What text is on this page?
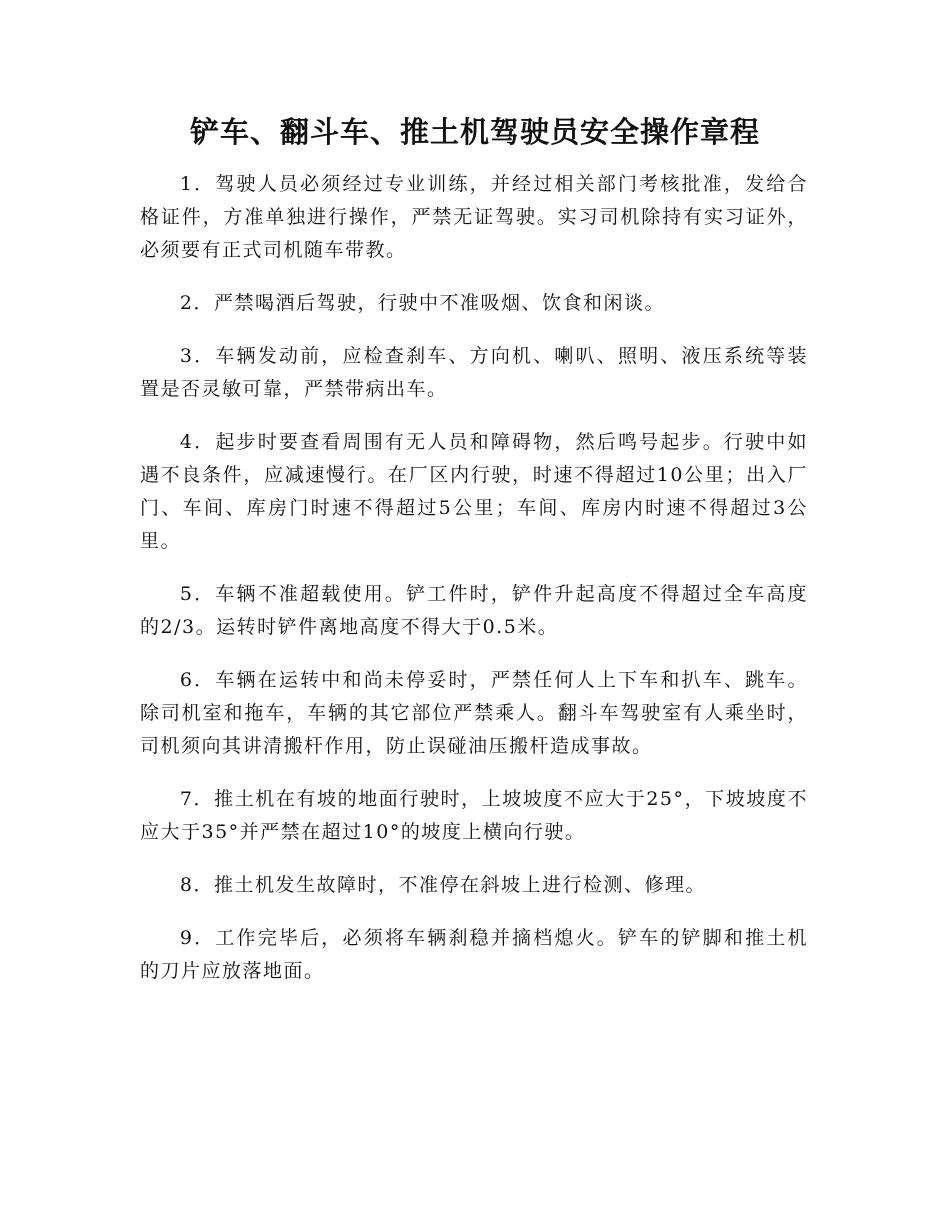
铲车、翻斗车、推土机驾驶员安全操作章程

1．驾驶人员必须经过专业训练，并经过相关部门考核批准，发给合格证件，方准单独进行操作，严禁无证驾驶。实习司机除持有实习证外，必须要有正式司机随车带教。

2．严禁喝酒后驾驶，行驶中不准吸烟、饮食和闲谈。

3．车辆发动前，应检查刹车、方向机、喇叭、照明、液压系统等装置是否灵敏可靠，严禁带病出车。

4．起步时要查看周围有无人员和障碍物，然后鸣号起步。行驶中如遇不良条件，应减速慢行。在厂区内行驶，时速不得超过10公里；出入厂门、车间、库房门时速不得超过5公里；车间、库房内时速不得超过3公里。

5．车辆不准超载使用。铲工件时，铲件升起高度不得超过全车高度的2/3。运转时铲件离地高度不得大于0.5米。

6．车辆在运转中和尚未停妥时，严禁任何人上下车和扒车、跳车。除司机室和拖车，车辆的其它部位严禁乘人。翻斗车驾驶室有人乘坐时，司机须向其讲清搬杆作用，防止误碰油压搬杆造成事故。

7．推土机在有坡的地面行驶时，上坡坡度不应大于25°，下坡坡度不应大于35°并严禁在超过10°的坡度上横向行驶。

8．推土机发生故障时，不准停在斜坡上进行检测、修理。

9．工作完毕后，必须将车辆刹稳并摘档熄火。铲车的铲脚和推土机的刀片应放落地面。
